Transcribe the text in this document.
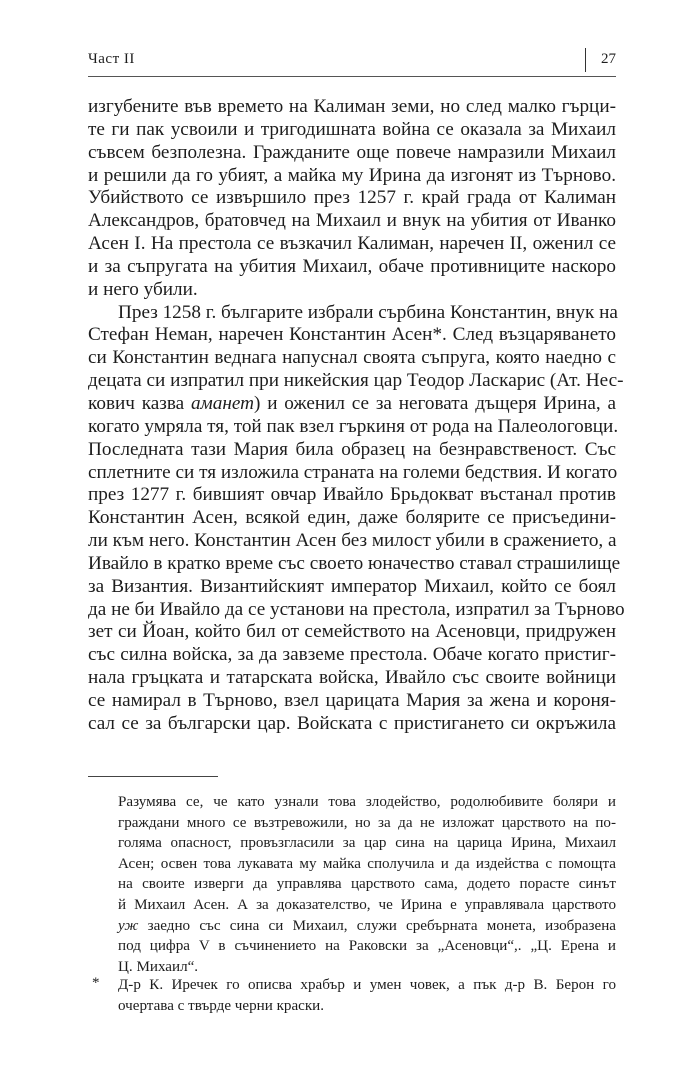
Част II	27
изгубените във времето на Калиман земи, но след малко гърци-
те ги пак усвоили и тригодишната война се оказала за Михаил
съвсем безполезна. Гражданите още повече намразили Михаил
и решили да го убият, а майка му Ирина да изгонят из Търново.
Убийството се извършило през 1257 г. край града от Калиман
Александров, братовчед на Михаил и внук на убития от Иванко
Асен I. На престола се възкачил Калиман, наречен II, оженил се
и за съпругата на убития Михаил, обаче противниците наскоро
и него убили.
През 1258 г. българите избрали сърбина Константин, внук на
Стефан Неман, наречен Константин Асен*. След възцаряването
си Константин веднага напуснал своята съпруга, която наедно с
децата си изпратил при никейския цар Теодор Ласкарис (Ат. Нес-
кович казва аманет) и оженил се за неговата дъщеря Ирина, а
когато умряла тя, той пак взел гъркиня от рода на Палеологовци.
Последната тази Мария била образец на безнравственост. Със
сплетните си тя изложила страната на големи бедствия. И когато
през 1277 г. бившият овчар Ивайло Брьдокват въстанал против
Константин Асен, всякой един, даже болярите се присъедини-
ли към него. Константин Асен без милост убили в сражението, а
Ивайло в кратко време със своето юначество ставал страшилище
за Византия. Византийският император Михаил, който се боял
да не би Ивайло да се установи на престола, изпратил за Търново
зет си Йоан, който бил от семейството на Асеновци, придружен
със силна войска, за да завземе престола. Обаче когато пристиг-
нала гръцката и татарската войска, Ивайло със своите войници
се намирал в Търново, взел царицата Мария за жена и короня-
сал се за български цар. Войската с пристигането си окръжила
Разумява се, че като узнали това злодейство, родолюбивите боляри и
граждани много се възтревожили, но за да не изложат царството на по-
голяма опасност, провъзгласили за цар сина на царица Ирина, Михаил
Асен; освен това лукавата му майка сполучила и да издейства с помощта
на своите изверги да управлява царството сама, додето порасте синът
й Михаил Асен. А за доказателство, че Ирина е управлявала царството
уж заедно със сина си Михаил, служи сребърната монета, изобразена
под цифра V в съчинението на Раковски за „Асеновци“,. „Ц. Ерена и
Ц. Михаил“.
*	Д-р К. Иречек го описва храбър и умен човек, а пък д-р В. Берон го
очертава с твърде черни краски.
